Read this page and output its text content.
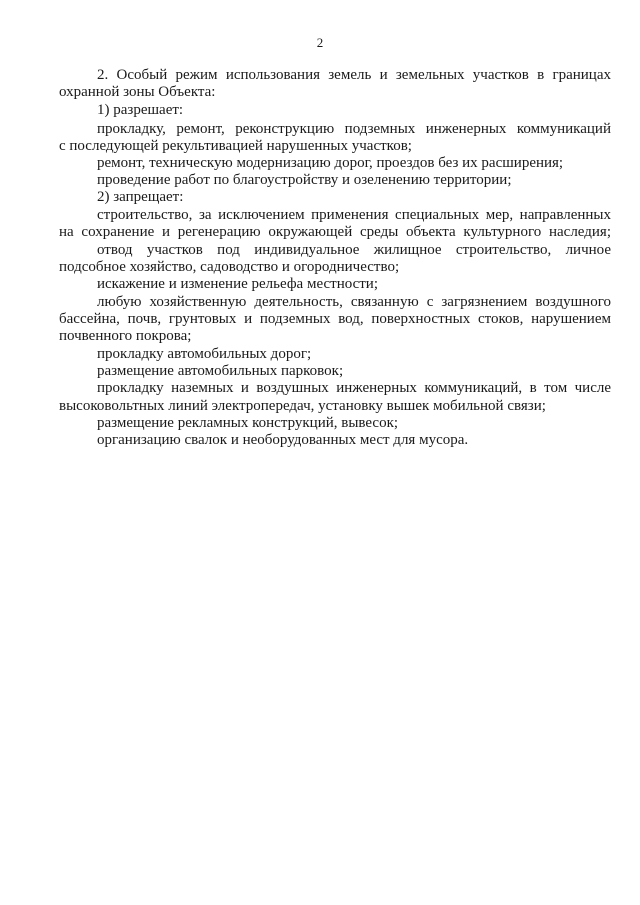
2
2. Особый режим использования земель и земельных участков в границах
охранной зоны Объекта:
1) разрешает:
прокладку, ремонт, реконструкцию подземных инженерных коммуникаций
с последующей рекультивацией нарушенных участков;
ремонт, техническую модернизацию дорог, проездов без их расширения;
проведение работ по благоустройству и озеленению территории;
2) запрещает:
строительство, за исключением применения специальных мер, направленных
на сохранение и регенерацию окружающей среды объекта культурного наследия;
отвод участков под индивидуальное жилищное строительство, личное
подсобное хозяйство, садоводство и огородничество;
искажение и изменение рельефа местности;
любую хозяйственную деятельность, связанную с загрязнением воздушного
бассейна, почв, грунтовых и подземных вод, поверхностных стоков, нарушением
почвенного покрова;
прокладку автомобильных дорог;
размещение автомобильных парковок;
прокладку наземных и воздушных инженерных коммуникаций, в том числе
высоковольтных линий электропередач, установку вышек мобильной связи;
размещение рекламных конструкций, вывесок;
организацию свалок и необорудованных мест для мусора.
